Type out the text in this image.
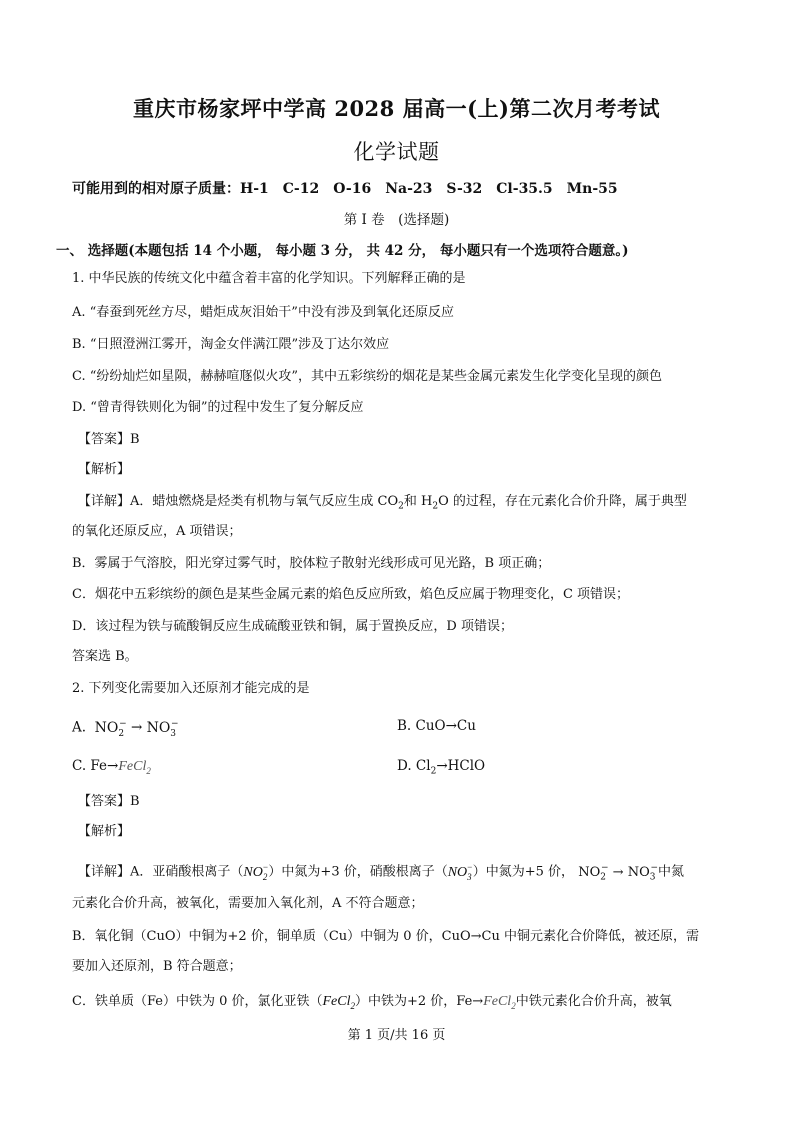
重庆市杨家坪中学高 2028 届高一(上)第二次月考考试
化学试题
可能用到的相对原子质量：H-1　C-12　O-16　Na-23　S-32　Cl-35.5　Mn-55
第 I 卷　(选择题)
一、 选择题(本题包括 14 个小题， 每小题 3 分， 共 42 分， 每小题只有一个选项符合题意。)
1. 中华民族的传统文化中蕴含着丰富的化学知识。下列解释正确的是
A. “春蚕到死丝方尽，蜡炬成灰泪始干”中没有涉及到氧化还原反应
B. “日照澄洲江雾开，淘金女伴满江隈”涉及丁达尔效应
C. “纷纷灿烂如星陨，赫赫喧豗似火攻”，其中五彩缤纷的烟花是某些金属元素发生化学变化呈现的颜色
D. “曾青得铁则化为铜”的过程中发生了复分解反应
【答案】B
【解析】
【详解】A．蜡烛燃烧是烃类有机物与氧气反应生成 $CO_2$和 $H_2O$ 的过程，存在元素化合价升降，属于典型
的氧化还原反应，A 项错误；
B．雾属于气溶胶，阳光穿过雾气时，胶体粒子散射光线形成可见光路，B 项正确；
C．烟花中五彩缤纷的颜色是某些金属元素的焰色反应所致，焰色反应属于物理变化，C 项错误；
D．该过程为铁与硫酸铜反应生成硫酸亚铁和铜，属于置换反应，D 项错误；
答案选 B。
2. 下列变化需要加入还原剂才能完成的是
A. $NO_2^- \to NO_3^-$	B. CuO→Cu
C. Fe→FeCl$_2$	D. $Cl_2\to HClO$
【答案】B
【解析】
【详解】A．亚硝酸根离子$(NO_2^-)$中氮为+3 价，硝酸根离子$(NO_3^-)$中氮为+5 价， $NO_2^- \to NO_3^-$中氮
元素化合价升高，被氧化，需要加入氧化剂，A 不符合题意；
B．氧化铜（CuO）中铜为+2 价，铜单质（Cu）中铜为 0 价，CuO→Cu 中铜元素化合价降低，被还原，需
要加入还原剂，B 符合题意；
C．铁单质（Fe）中铁为 0 价，氯化亚铁（FeCl$_2$）中铁为+2 价，Fe→FeCl$_2$中铁元素化合价升高，被氧
第 1 页/共 16 页
